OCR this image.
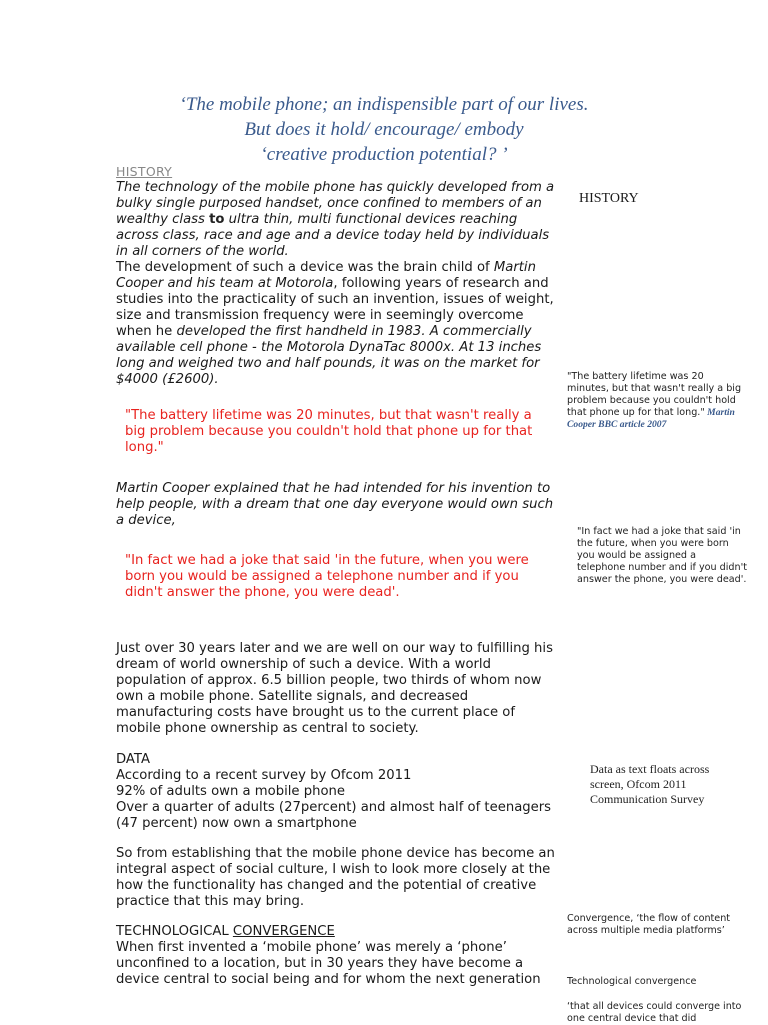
‘The mobile phone; an indispensible part of our lives.
But does it hold/ encourage/ embody
‘creative production potential? ’
HISTORY
The technology of the mobile phone has quickly developed from a bulky single purposed handset, once confined to members of an wealthy class to ultra thin, multi functional devices reaching across class, race and age and a device today held by individuals in all corners of the world.
The development of such a device was the brain child of Martin Cooper and his team at Motorola, following years of research and studies into the practicality of such an invention, issues of weight, size and transmission frequency were in seemingly overcome when he developed the first handheld in 1983. A commercially available cell phone - the Motorola DynaTac 8000x. At 13 inches long and weighed two and half pounds, it was on the market for $4000 (£2600).
"The battery lifetime was 20 minutes, but that wasn't really a big problem because you couldn't hold that phone up for that long."
Martin Cooper explained that he had intended for his invention to help people, with a dream that one day everyone would own such a device,
"In fact we had a joke that said 'in the future, when you were born you would be assigned a telephone number and if you didn't answer the phone, you were dead'.
Just over 30 years later and we are well on our way to fulfilling his dream of world ownership of such a device. With a world population of approx. 6.5 billion people, two thirds of whom now own a mobile phone. Satellite signals, and decreased manufacturing costs have brought us to the current place of mobile phone ownership as central to society.
DATA
According to a recent survey by Ofcom 2011
92% of adults own a mobile phone
Over a quarter of adults (27percent) and almost half of teenagers (47 percent) now own a smartphone
So from establishing that the mobile phone device has become an integral aspect of social culture, I wish to look more closely at the how the functionality has changed and the potential of creative practice that this may bring.
TECHNOLOGICAL CONVERGENCE
When first invented a ‘mobile phone’ was merely a ‘phone’ unconfined to a location, but in 30 years they have become a device central to social being and for whom the next generation
HISTORY
"The battery lifetime was 20 minutes, but that wasn't really a big problem because you couldn't hold that phone up for that long." Martin Cooper BBC article 2007
"In fact we had a joke that said 'in the future, when you were born you would be assigned a telephone number and if you didn't answer the phone, you were dead'.
Data as text floats across screen, Ofcom 2011 Communication Survey
Convergence, ‘the flow of content across multiple media platforms’
Technological convergence
‘that all devices could converge into one central device that did
